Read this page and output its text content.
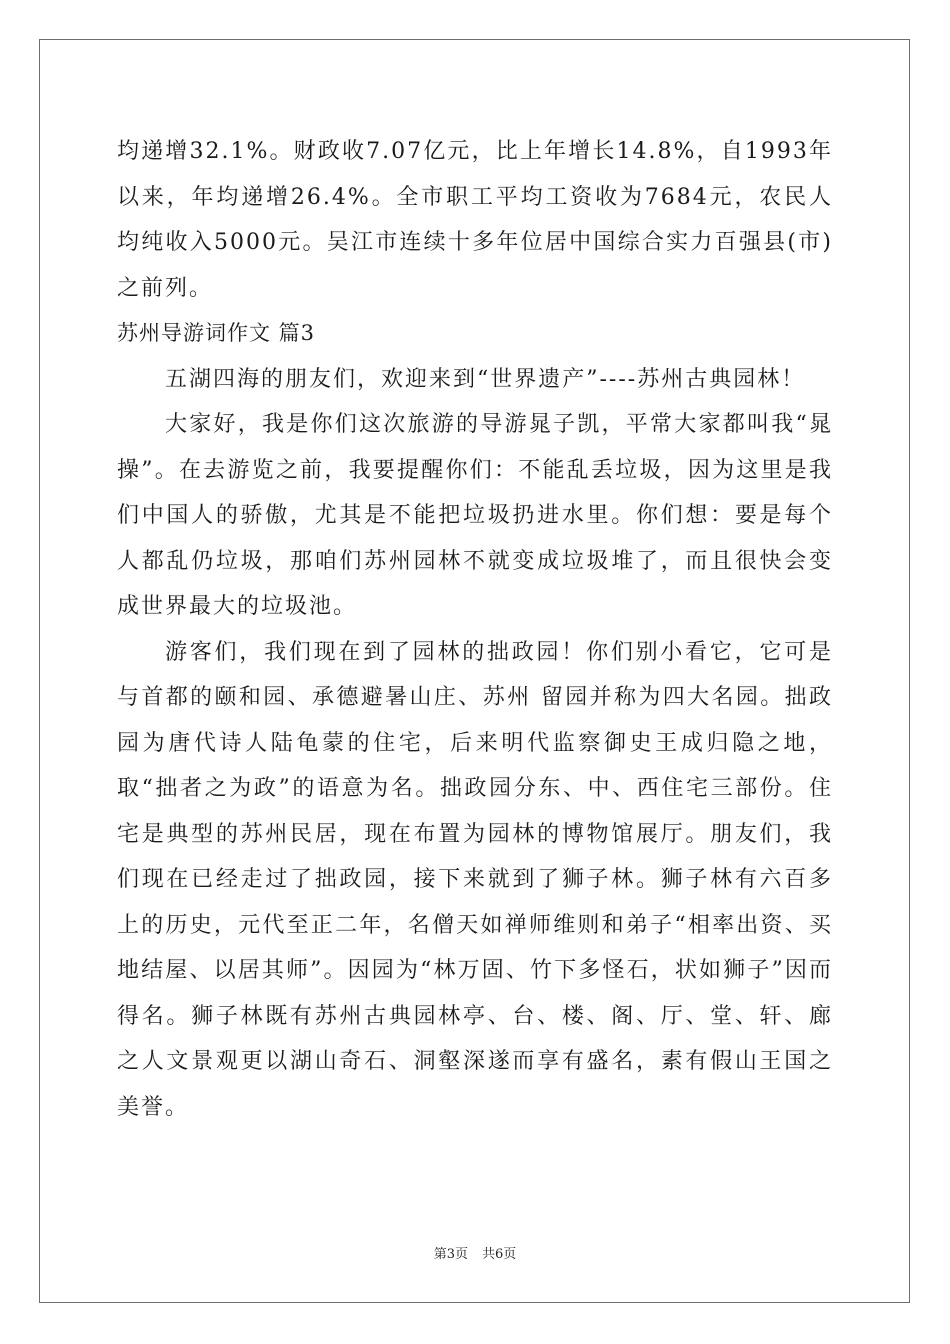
均递增32.1%。财政收7.07亿元，比上年增长14.8%，自1993年以来，年均递增26.4%。全市职工平均工资收为7684元，农民人均纯收入5000元。吴江市连续十多年位居中国综合实力百强县(市)之前列。

苏州导游词作文 篇3

五湖四海的朋友们，欢迎来到“世界遗产”----苏州古典园林！

大家好，我是你们这次旅游的导游晁子凯，平常大家都叫我“晁操”。在去游览之前，我要提醒你们：不能乱丢垃圾，因为这里是我们中国人的骄傲，尤其是不能把垃圾扔进水里。你们想：要是每个人都乱仍垃圾，那咱们苏州园林不就变成垃圾堆了，而且很快会变成世界最大的垃圾池。

游客们，我们现在到了园林的拙政园！你们别小看它，它可是与首都的颐和园、承德避暑山庄、苏州 留园并称为四大名园。拙政园为唐代诗人陆龟蒙的住宅，后来明代监察御史王成归隐之地，取“拙者之为政”的语意为名。拙政园分东、中、西住宅三部份。住宅是典型的苏州民居，现在布置为园林的博物馆展厅。朋友们，我们现在已经走过了拙政园，接下来就到了狮子林。狮子林有六百多上的历史，元代至正二年，名僧天如禅师维则和弟子“相率出资、买地结屋、以居其师”。因园为“林万固、竹下多怪石，状如狮子”因而得名。狮子林既有苏州古典园林亭、台、楼、阁、厅、堂、轩、廊之人文景观更以湖山奇石、洞壑深遂而享有盛名，素有假山王国之美誉。

第3页 共6页
